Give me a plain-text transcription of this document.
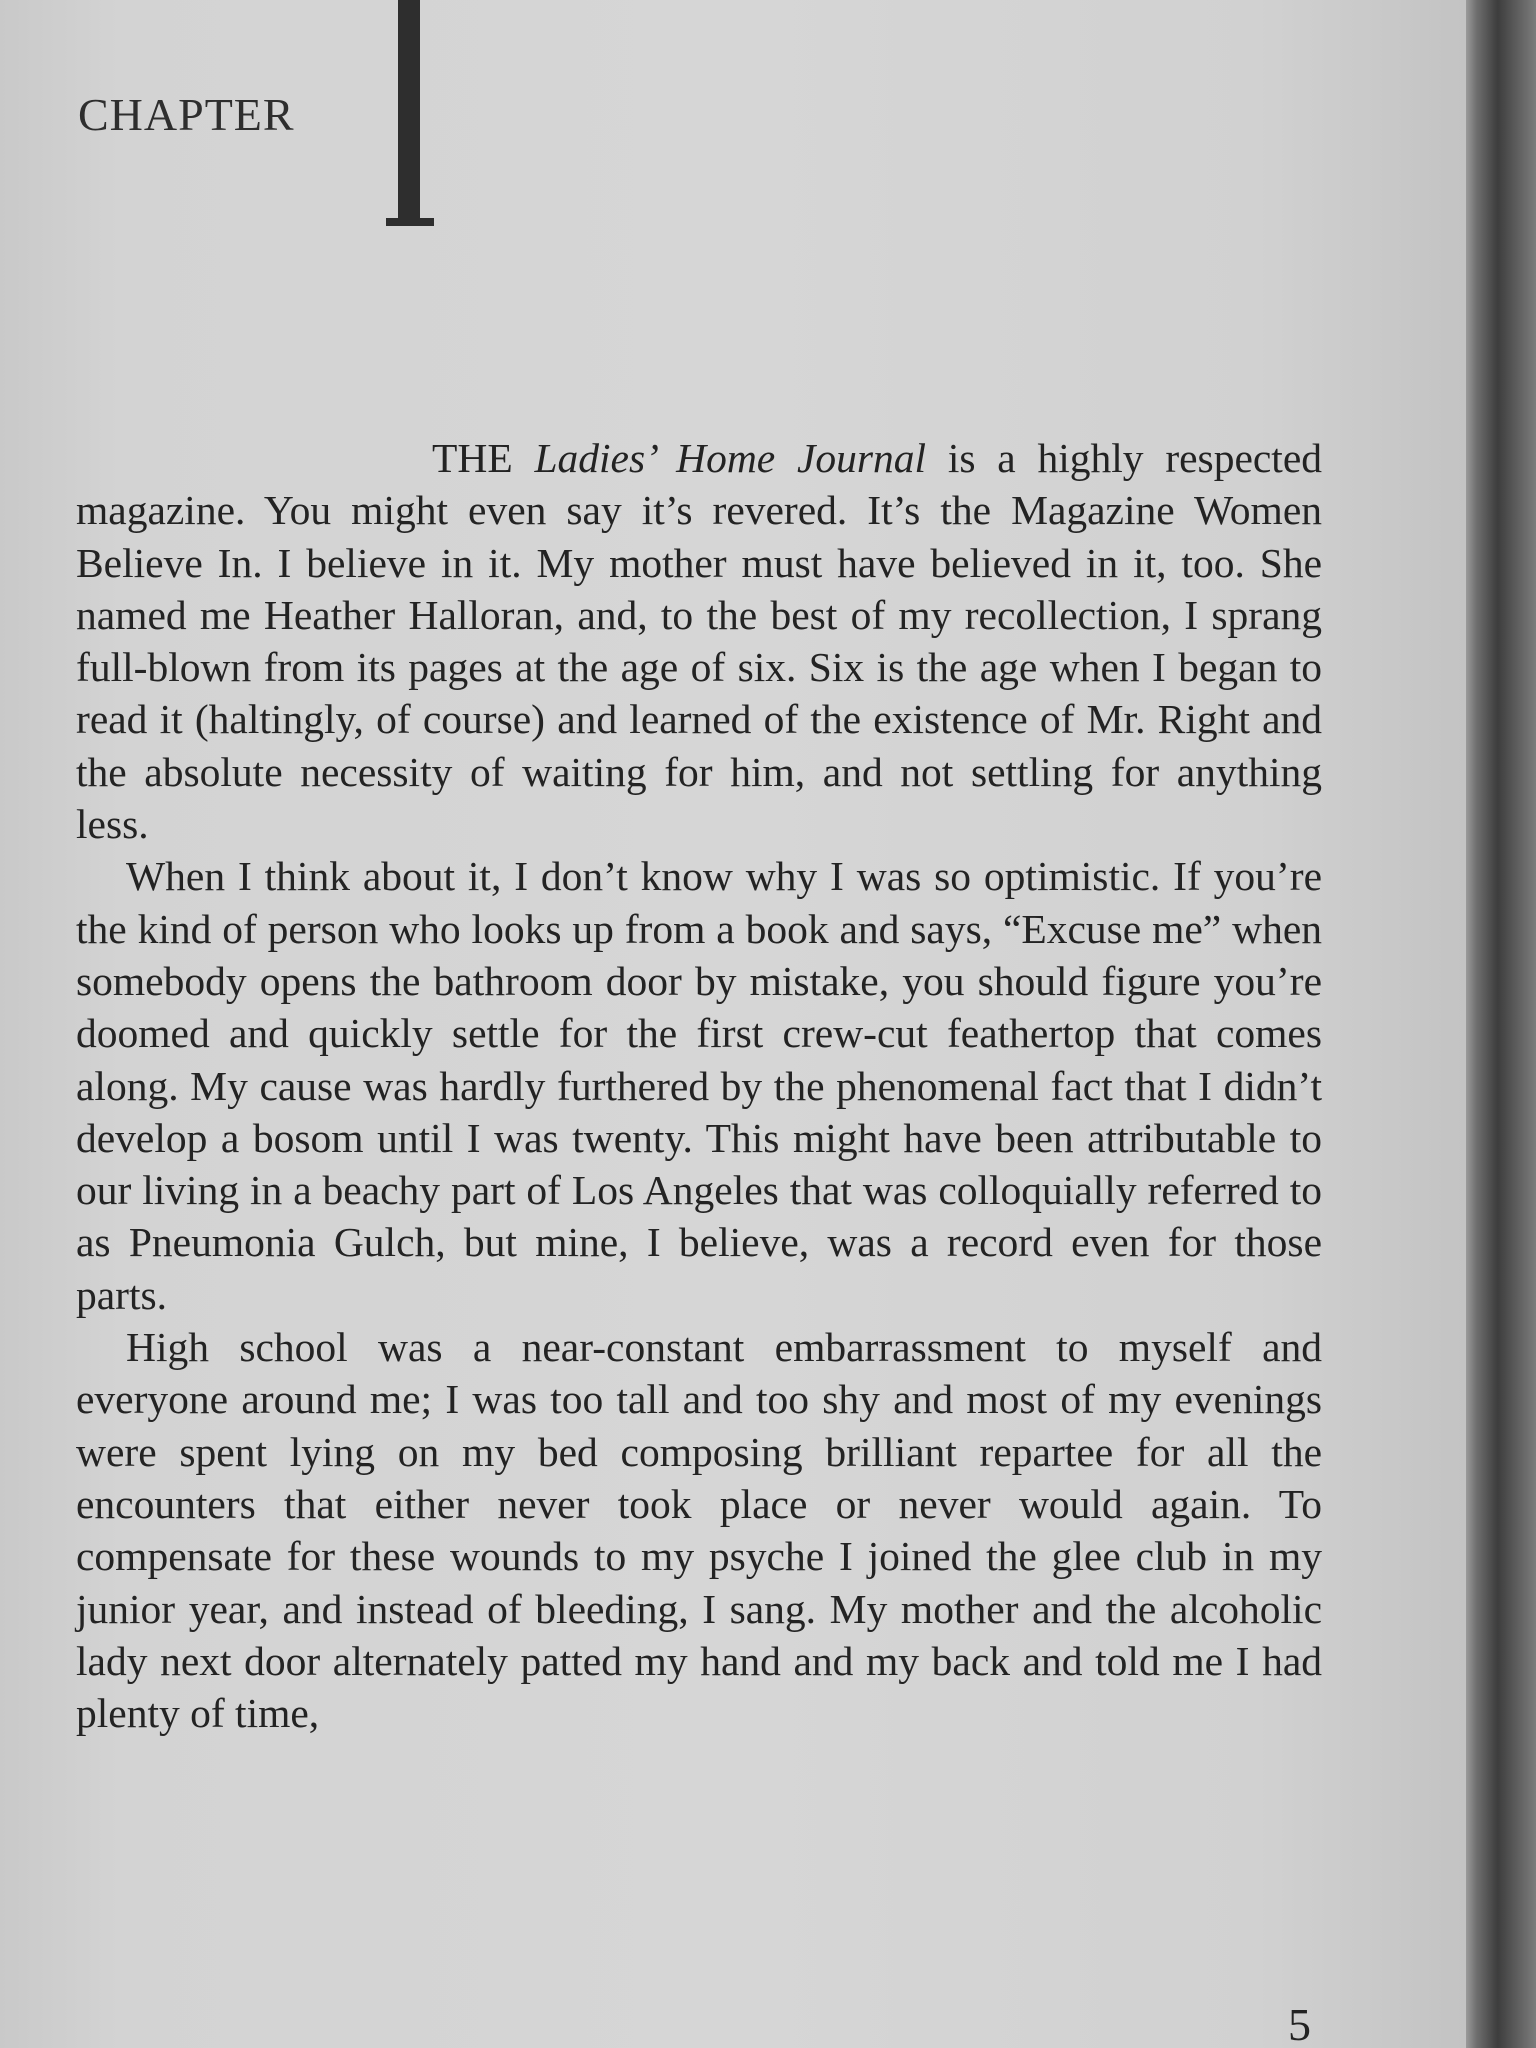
CHAPTER

THE Ladies’ Home Journal is a highly respected magazine. You might even say it’s revered. It’s the Magazine Women Believe In. I believe in it. My mother must have believed in it, too. She named me Heather Halloran, and, to the best of my recollection, I sprang full-blown from its pages at the age of six. Six is the age when I began to read it (haltingly, of course) and learned of the existence of Mr. Right and the absolute necessity of waiting for him, and not settling for anything less.

When I think about it, I don’t know why I was so optimistic. If you’re the kind of person who looks up from a book and says, “Excuse me” when somebody opens the bathroom door by mistake, you should figure you’re doomed and quickly settle for the first crew-cut feathertop that comes along. My cause was hardly furthered by the phenomenal fact that I didn’t develop a bosom until I was twenty. This might have been attributable to our living in a beachy part of Los Angeles that was colloquially referred to as Pneumonia Gulch, but mine, I believe, was a record even for those parts.

High school was a near-constant embarrassment to myself and everyone around me; I was too tall and too shy and most of my evenings were spent lying on my bed composing brilliant repartee for all the encounters that either never took place or never would again. To compensate for these wounds to my psyche I joined the glee club in my junior year, and instead of bleeding, I sang. My mother and the alcoholic lady next door alternately patted my hand and my back and told me I had plenty of time,

5
